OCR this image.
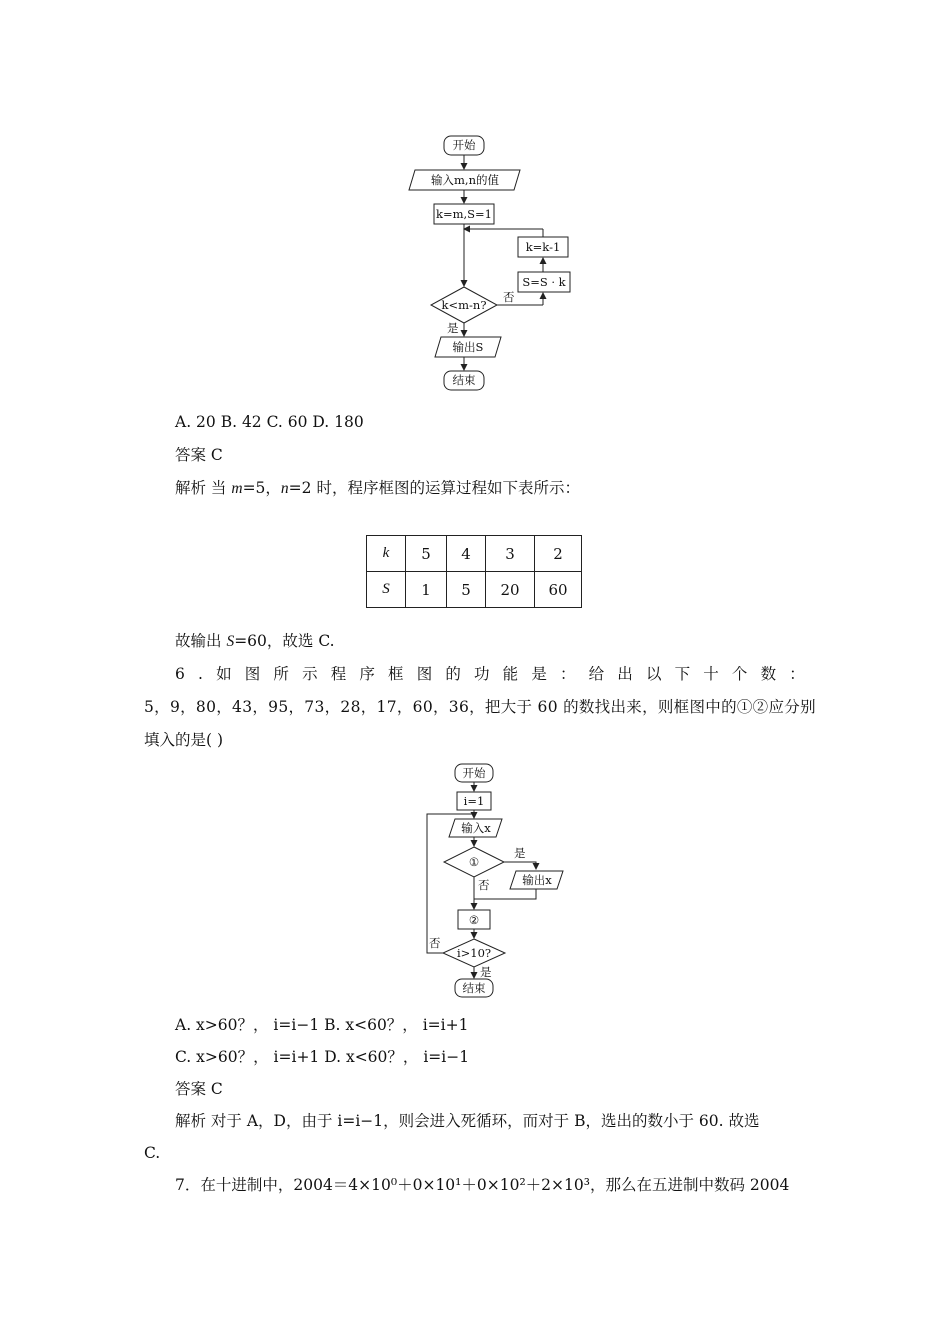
开始
输入m,n的值
k=m,S=1
k=k-1
S=S · k
k<m-n?
否
是
输出S
结束
A. 20 B. 42 C. 60 D. 180
答案 C
解析 当 m=5，n=2 时，程序框图的运算过程如下表所示：
k	5	4	3	2
S	1	5	20	60
故输出 S=60，故选 C.
6 . 如 图 所 示 程 序 框 图 的 功 能 是 ： 给 出 以 下 十 个 数 ：
5，9，80，43，95，73，28，17，60，36，把大于 60 的数找出来，则框图中的①②应分别
填入的是( )
开始
i=1
输入x
①
是
输出x
否
②
否
i>10?
是
结束
A. x>60？， i=i−1 B. x<60？， i=i+1
C. x>60？， i=i+1 D. x<60？， i=i−1
答案 C
解析 对于 A，D，由于 i=i−1，则会进入死循环，而对于 B，选出的数小于 60. 故选
C.
7．在十进制中，2004＝4×10⁰＋0×10¹＋0×10²＋2×10³，那么在五进制中数码 2004
